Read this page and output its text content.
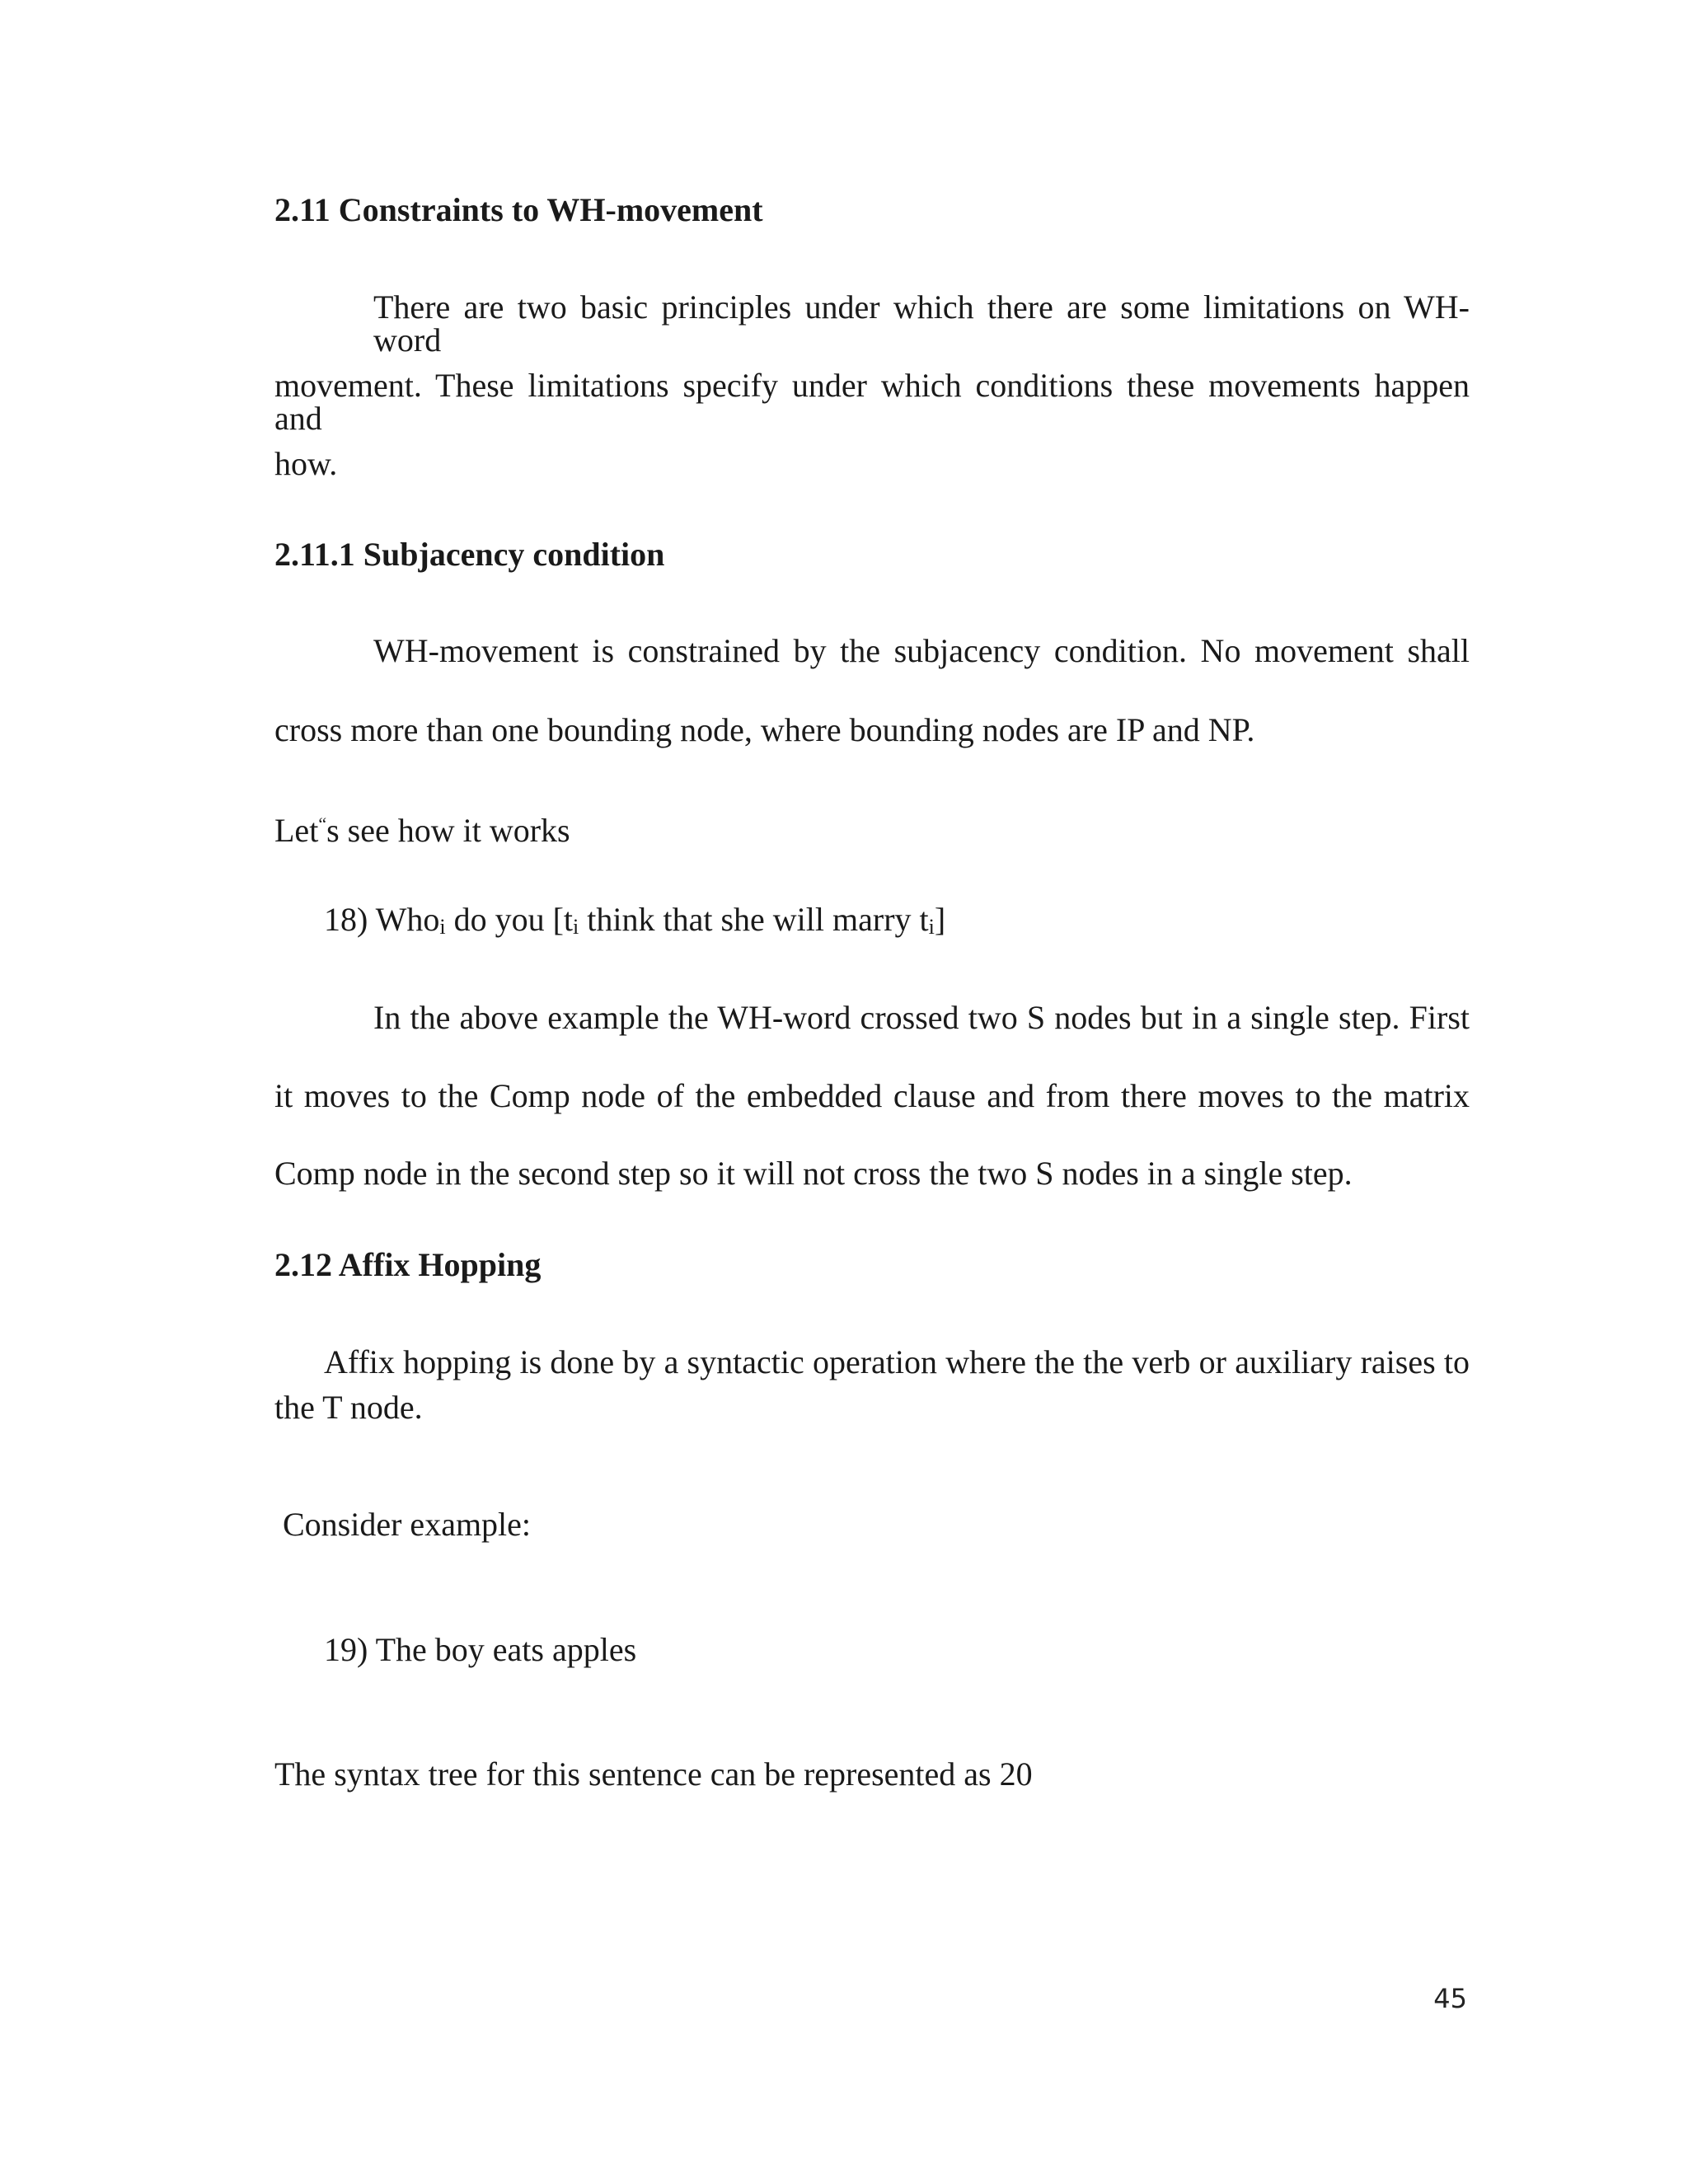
2.11 Constraints to WH-movement
There are two basic principles under which there are some limitations on WH-word
movement. These limitations specify under which conditions these movements happen and
how.
2.11.1 Subjacency condition
WH-movement is constrained by the subjacency condition. No movement shall
cross more than one bounding node, where bounding nodes are IP and NP.
Let“s see how it works
18) Whoi do you [ti think that she will marry ti]
In the above example the WH-word crossed two S nodes but in a single step. First
it moves to the Comp node of the embedded clause and from there moves to the matrix
Comp node in the second step so it will not cross the two S nodes in a single step.
2.12 Affix Hopping
Affix hopping is done by a syntactic operation where the the verb or auxiliary raises to
the T node.
Consider example:
19) The boy eats apples
The syntax tree for this sentence can be represented as 20
45
